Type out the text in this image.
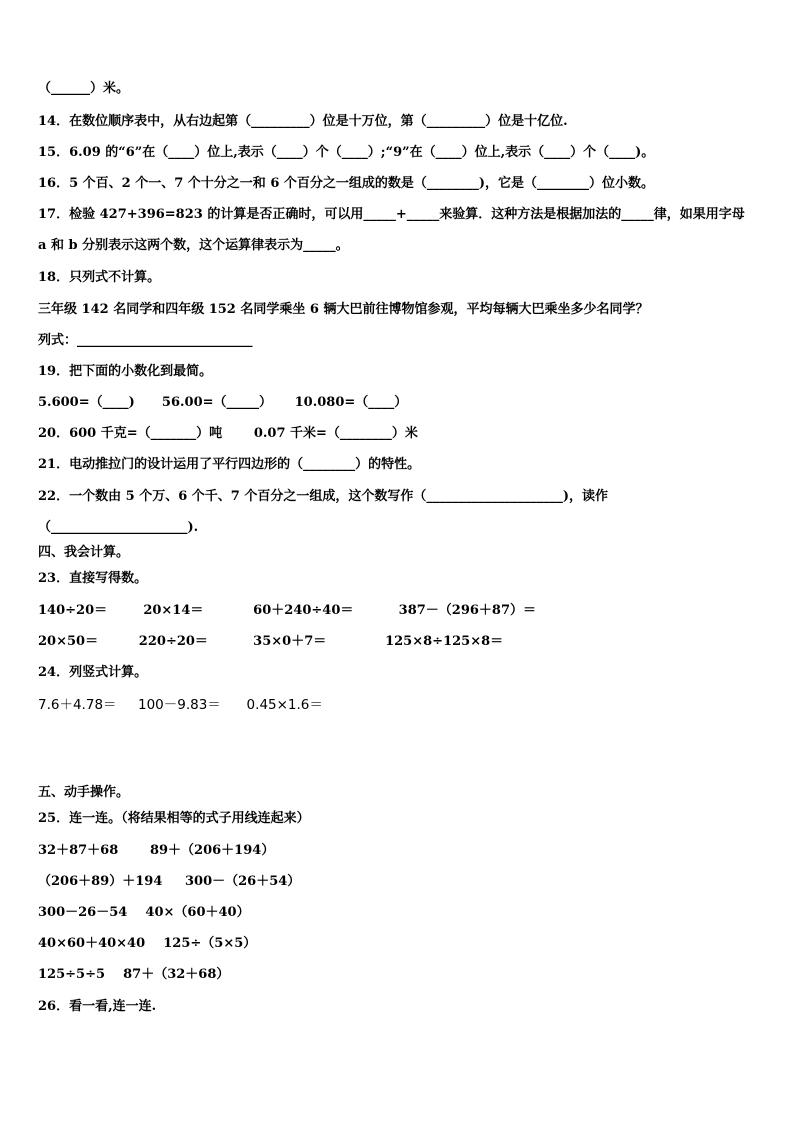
（______）米。
14．在数位顺序表中，从右边起第（_________）位是十万位，第（_________）位是十亿位.
15．6.09 的“6”在（____）位上,表示（____）个（____）;“9”在（____）位上,表示（____）个（____)。
16．5 个百、2 个一、7 个十分之一和 6 个百分之一组成的数是（________)，它是（________）位小数。
17．检验 427+396=823 的计算是否正确时，可以用_____+_____来验算．这种方法是根据加法的_____律，如果用字母
a 和 b 分别表示这两个数，这个运算律表示为_____。
18．只列式不计算。
三年级 142 名同学和四年级 152 名同学乘坐 6 辆大巴前往博物馆参观，平均每辆大巴乘坐多少名同学？
列式：___________________________
19．把下面的小数化到最简。
5.600=（____)      56.00=（_____）     10.080=（____）
20．600 千克=（_______）吨       0.07 千米=（________）米
21．电动推拉门的设计运用了平行四边形的（________）的特性。
22．一个数由 5 个万、6 个千、7 个百分之一组成，这个数写作（_____________________)，读作
（_____________________).
四、我会计算。
23．直接写得数。
140÷20＝        20×14＝           60＋240÷40＝          387－（296＋87）＝
20×50＝         220÷20＝          35×0＋7＝             125×8÷125×8＝
24．列竖式计算。
7.6＋4.78＝     100－9.83＝      0.45×1.6＝
五、动手操作。
25．连一连。（将结果相等的式子用线连起来）
32＋87＋68       89＋（206＋194）
（206＋89）＋194     300－（26＋54）
300－26－54    40×（60＋40）
40×60＋40×40    125÷（5×5）
125÷5÷5    87＋（32＋68）
26．看一看,连一连.
